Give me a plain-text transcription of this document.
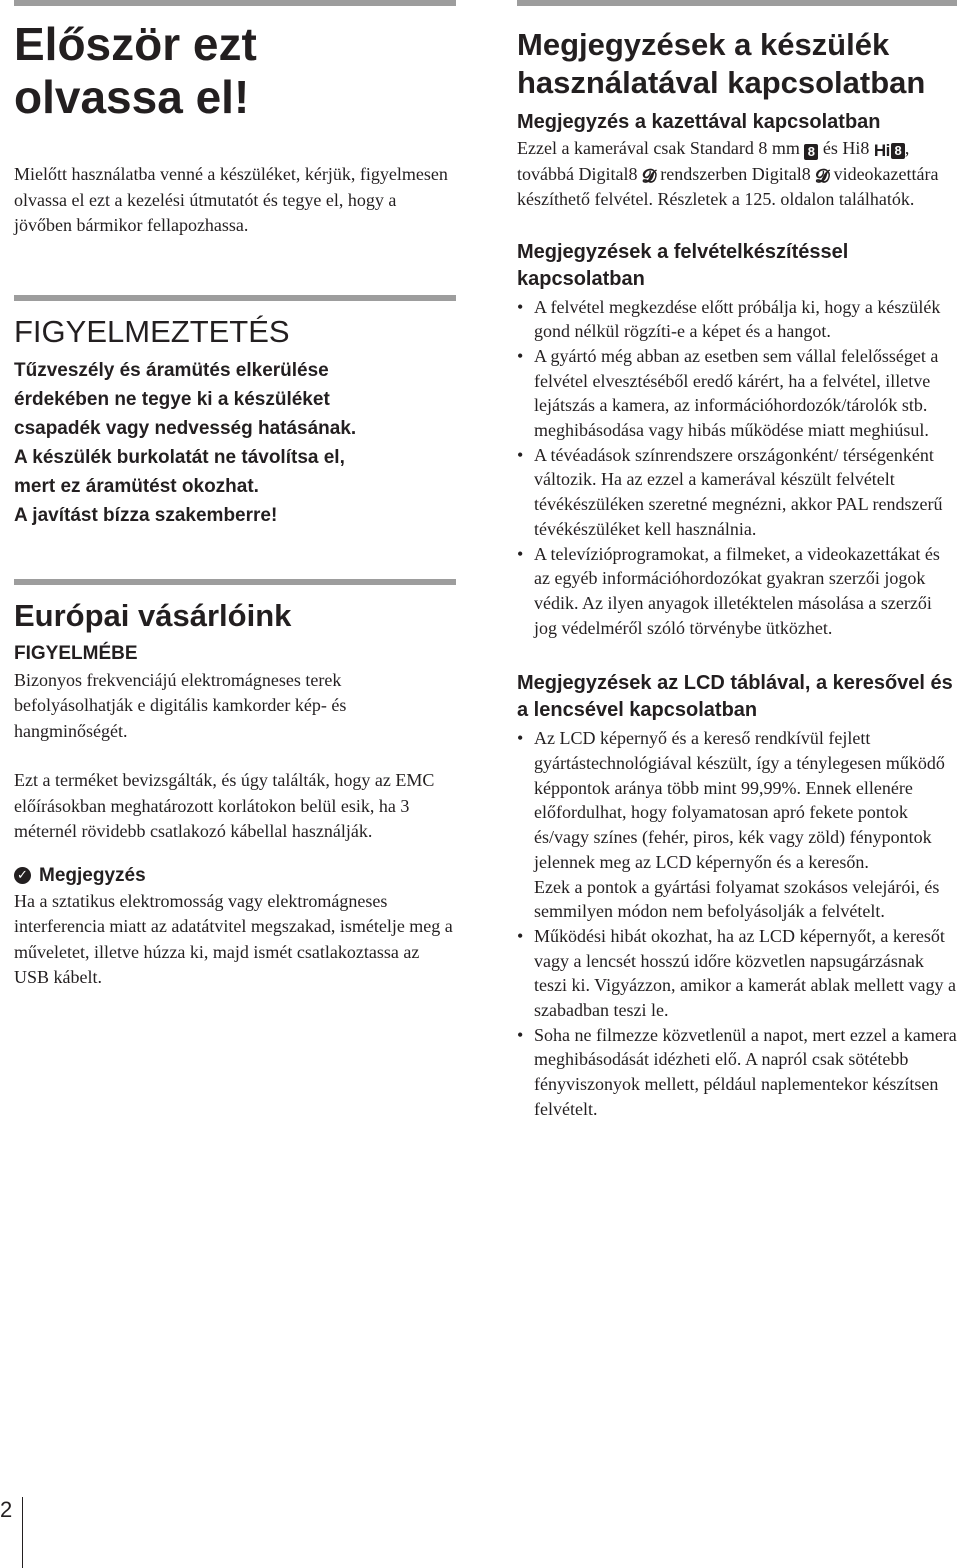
Először ezt
olvassa el!

Mielőtt használatba venné a készüléket, kérjük, figyelmesen olvassa el ezt a kezelési útmutatót és tegye el, hogy a jövőben bármikor fellapozhassa.

FIGYELMEZTETÉS

Tűzveszély és áramütés elkerülése
érdekében ne tegye ki a készüléket
csapadék vagy nedvesség hatásának.
A készülék burkolatát ne távolítsa el,
mert ez áramütést okozhat.
A javítást bízza szakemberre!

Európai vásárlóink
FIGYELMÉBE

Bizonyos frekvenciájú elektromágneses terek befolyásolhatják e digitális kamkorder kép- és hangminőségét.

Ezt a terméket bevizsgálták, és úgy találták, hogy az EMC előírásokban meghatározott korlátokon belül esik, ha 3 méternél rövidebb csatlakozó kábellal használják.

✓ Megjegyzés

Ha a sztatikus elektromosság vagy elektromágneses interferencia miatt az adatátvitel megszakad, ismételje meg a műveletet, illetve húzza ki, majd ismét csatlakoztassa az USB kábelt.

Megjegyzések a készülék használatával kapcsolatban
Megjegyzés a kazettával kapcsolatban

Ezzel a kamerával csak Standard 8 mm 8 és Hi8 Hi 8 , továbbá Digital8 𝓓 rendszerben Digital8 𝓓 videokazettára készíthető felvétel. Részletek a 125. oldalon találhatók.

Megjegyzések a felvételkészítéssel kapcsolatban
• A felvétel megkezdése előtt próbálja ki, hogy a készülék gond nélkül rögzíti-e a képet és a hangot.
• A gyártó még abban az esetben sem vállal felelősséget a felvétel elvesztéséből eredő kárért, ha a felvétel, illetve lejátszás a kamera, az információhordozók/tárolók stb. meghibásodása vagy hibás működése miatt meghiúsul.
• A tévéadások színrendszere országonként/ térségenként változik. Ha az ezzel a kamerával készült felvételt tévékészüléken szeretné megnézni, akkor PAL rendszerű tévékészüléket kell használnia.
• A televízióprogramokat, a filmeket, a videokazettákat és az egyéb információhordozókat gyakran szerzői jogok védik. Az ilyen anyagok illetéktelen másolása a szerzői jog védelméről szóló törvénybe ütközhet.
Megjegyzések az LCD táblával, a keresővel és a lencsével kapcsolatban
• Az LCD képernyő és a kereső rendkívül fejlett gyártástechnológiával készült, így a ténylegesen működő képpontok aránya több mint 99,99%. Ennek ellenére előfordulhat, hogy folyamatosan apró fekete pontok és/vagy színes (fehér, piros, kék vagy zöld) fénypontok jelennek meg az LCD képernyőn és a keresőn.
Ezek a pontok a gyártási folyamat szokásos velejárói, és semmilyen módon nem befolyásolják a felvételt.
• Működési hibát okozhat, ha az LCD képernyőt, a keresőt vagy a lencsét hosszú időre közvetlen napsugárzásnak teszi ki. Vigyázzon, amikor a kamerát ablak mellett vagy a szabadban teszi le.
• Soha ne filmezze közvetlenül a napot, mert ezzel a kamera meghibásodását idézheti elő. A napról csak sötétebb fényviszonyok mellett, például naplementekor készítsen felvételt.
2
